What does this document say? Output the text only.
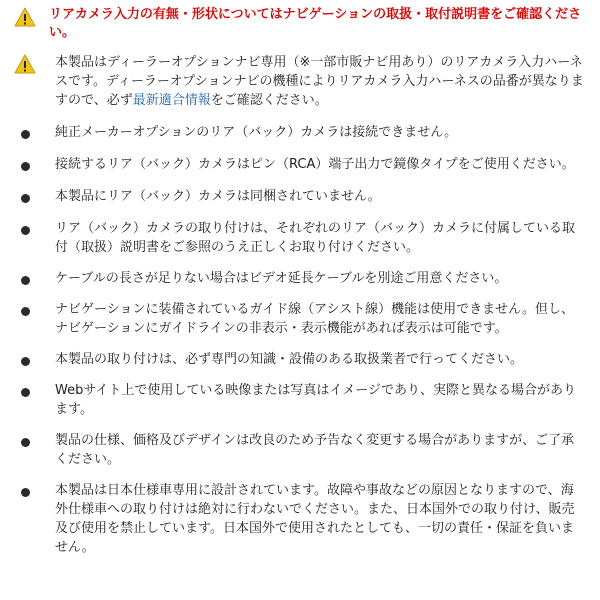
リアカメラ入力の有無・形状についてはナビゲーションの取扱・取付説明書をご確認ください。
本製品はディーラーオプションナビ専用（※一部市販ナビ用あり）のリアカメラ入力ハーネスです。ディーラーオプションナビの機種によりリアカメラ入力ハーネスの品番が異なりますので、必ず最新適合情報をご確認ください。
純正メーカーオプションのリア（バック）カメラは接続できません。
接続するリア（バック）カメラはピン（RCA）端子出力で鏡像タイプをご使用ください。
本製品にリア（バック）カメラは同梱されていません。
リア（バック）カメラの取り付けは、それぞれのリア（バック）カメラに付属している取付（取扱）説明書をご参照のうえ正しくお取り付けください。
ケーブルの長さが足りない場合はビデオ延長ケーブルを別途ご用意ください。
ナビゲーションに装備されているガイド線（アシスト線）機能は使用できません。但し、ナビゲーションにガイドラインの非表示・表示機能があれば表示は可能です。
本製品の取り付けは、必ず専門の知識・設備のある取扱業者で行ってください。
Webサイト上で使用している映像または写真はイメージであり、実際と異なる場合があります。
製品の仕様、価格及びデザインは改良のため予告なく変更する場合がありますが、ご了承ください。
本製品は日本仕様車専用に設計されています。故障や事故などの原因となりますので、海外仕様車への取り付けは絶対に行わないでください。また、日本国外での取り付け、販売及び使用を禁止しています。日本国外で使用されたとしても、一切の責任・保証を負いません。
